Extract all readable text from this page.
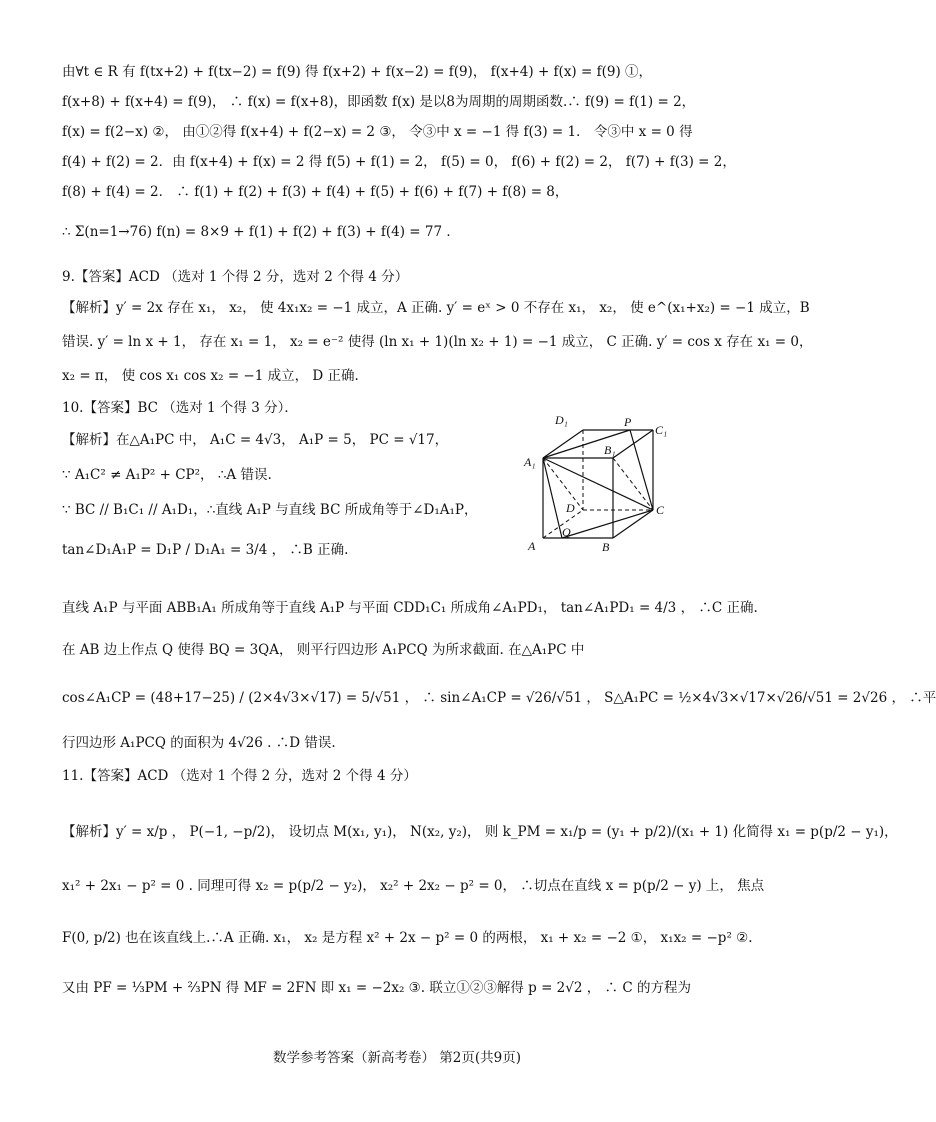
由∀t ∈ R 有 f(tx+2) + f(tx−2) = f(9) 得 f(x+2) + f(x−2) = f(9)， f(x+4) + f(x) = f(9) ①，
f(x+8) + f(x+4) = f(9)， ∴ f(x) = f(x+8)，即函数 f(x) 是以8为周期的周期函数.∴ f(9) = f(1) = 2，
f(x) = f(2−x) ②， 由①②得 f(x+4) + f(2−x) = 2 ③， 令③中 x = −1 得 f(3) = 1． 令③中 x = 0 得
f(4) + f(2) = 2．由 f(x+4) + f(x) = 2 得 f(5) + f(1) = 2， f(5) = 0， f(6) + f(2) = 2， f(7) + f(3) = 2，
f(8) + f(4) = 2． ∴ f(1) + f(2) + f(3) + f(4) + f(5) + f(6) + f(7) + f(8) = 8，
∴ Σ(n=1→76) f(n) = 8×9 + f(1) + f(2) + f(3) + f(4) = 77 ．
9.【答案】ACD （选对 1 个得 2 分，选对 2 个得 4 分）
【解析】y′ = 2x 存在 x₁， x₂， 使 4x₁x₂ = −1 成立，A 正确. y′ = eˣ > 0 不存在 x₁， x₂， 使 e^(x₁+x₂) = −1 成立，B
错误. y′ = ln x + 1， 存在 x₁ = 1， x₂ = e⁻² 使得 (ln x₁ + 1)(ln x₂ + 1) = −1 成立， C 正确. y′ = cos x 存在 x₁ = 0，
x₂ = π， 使 cos x₁ cos x₂ = −1 成立， D 正确.
10.【答案】BC （选对 1 个得 3 分）．
【解析】在△A₁PC 中， A₁C = 4√3， A₁P = 5， PC = √17，
∵ A₁C² ≠ A₁P² + CP²， ∴A 错误.
∵ BC // B₁C₁ // A₁D₁，∴直线 A₁P 与直线 BC 所成角等于∠D₁A₁P，
tan∠D₁A₁P = D₁P / D₁A₁ = 3/4 ， ∴B 正确.
直线 A₁P 与平面 ABB₁A₁ 所成角等于直线 A₁P 与平面 CDD₁C₁ 所成角∠A₁PD₁， tan∠A₁PD₁ = 4/3 ， ∴C 正确.
在 AB 边上作点 Q 使得 BQ = 3QA， 则平行四边形 A₁PCQ 为所求截面. 在△A₁PC 中
cos∠A₁CP = (48+17−25) / (2×4√3×√17) = 5/√51 ， ∴ sin∠A₁CP = √26/√51 ， S△A₁PC = ½×4√3×√17×√26/√51 = 2√26 ， ∴平
行四边形 A₁PCQ 的面积为 4√26 . ∴D 错误.
11.【答案】ACD （选对 1 个得 2 分，选对 2 个得 4 分）
【解析】y′ = x/p ， P(−1, −p/2)， 设切点 M(x₁, y₁)， N(x₂, y₂)， 则 k_PM = x₁/p = (y₁ + p/2)/(x₁ + 1) 化简得 x₁ = p(p/2 − y₁)，
x₁² + 2x₁ − p² = 0 . 同理可得 x₂ = p(p/2 − y₂)， x₂² + 2x₂ − p² = 0， ∴切点在直线 x = p(p/2 − y) 上， 焦点
F(0, p/2) 也在该直线上.∴A 正确. x₁， x₂ 是方程 x² + 2x − p² = 0 的两根， x₁ + x₂ = −2 ①， x₁x₂ = −p² ②.
又由 PF = ⅓PM + ⅔PN 得 MF = 2FN 即 x₁ = −2x₂ ③. 联立①②③解得 p = 2√2 ， ∴ C 的方程为
D₁	P
C₁
A₁
B₁
D	C
A
Q
B
数学参考答案（新高考卷） 第2页(共9页)
